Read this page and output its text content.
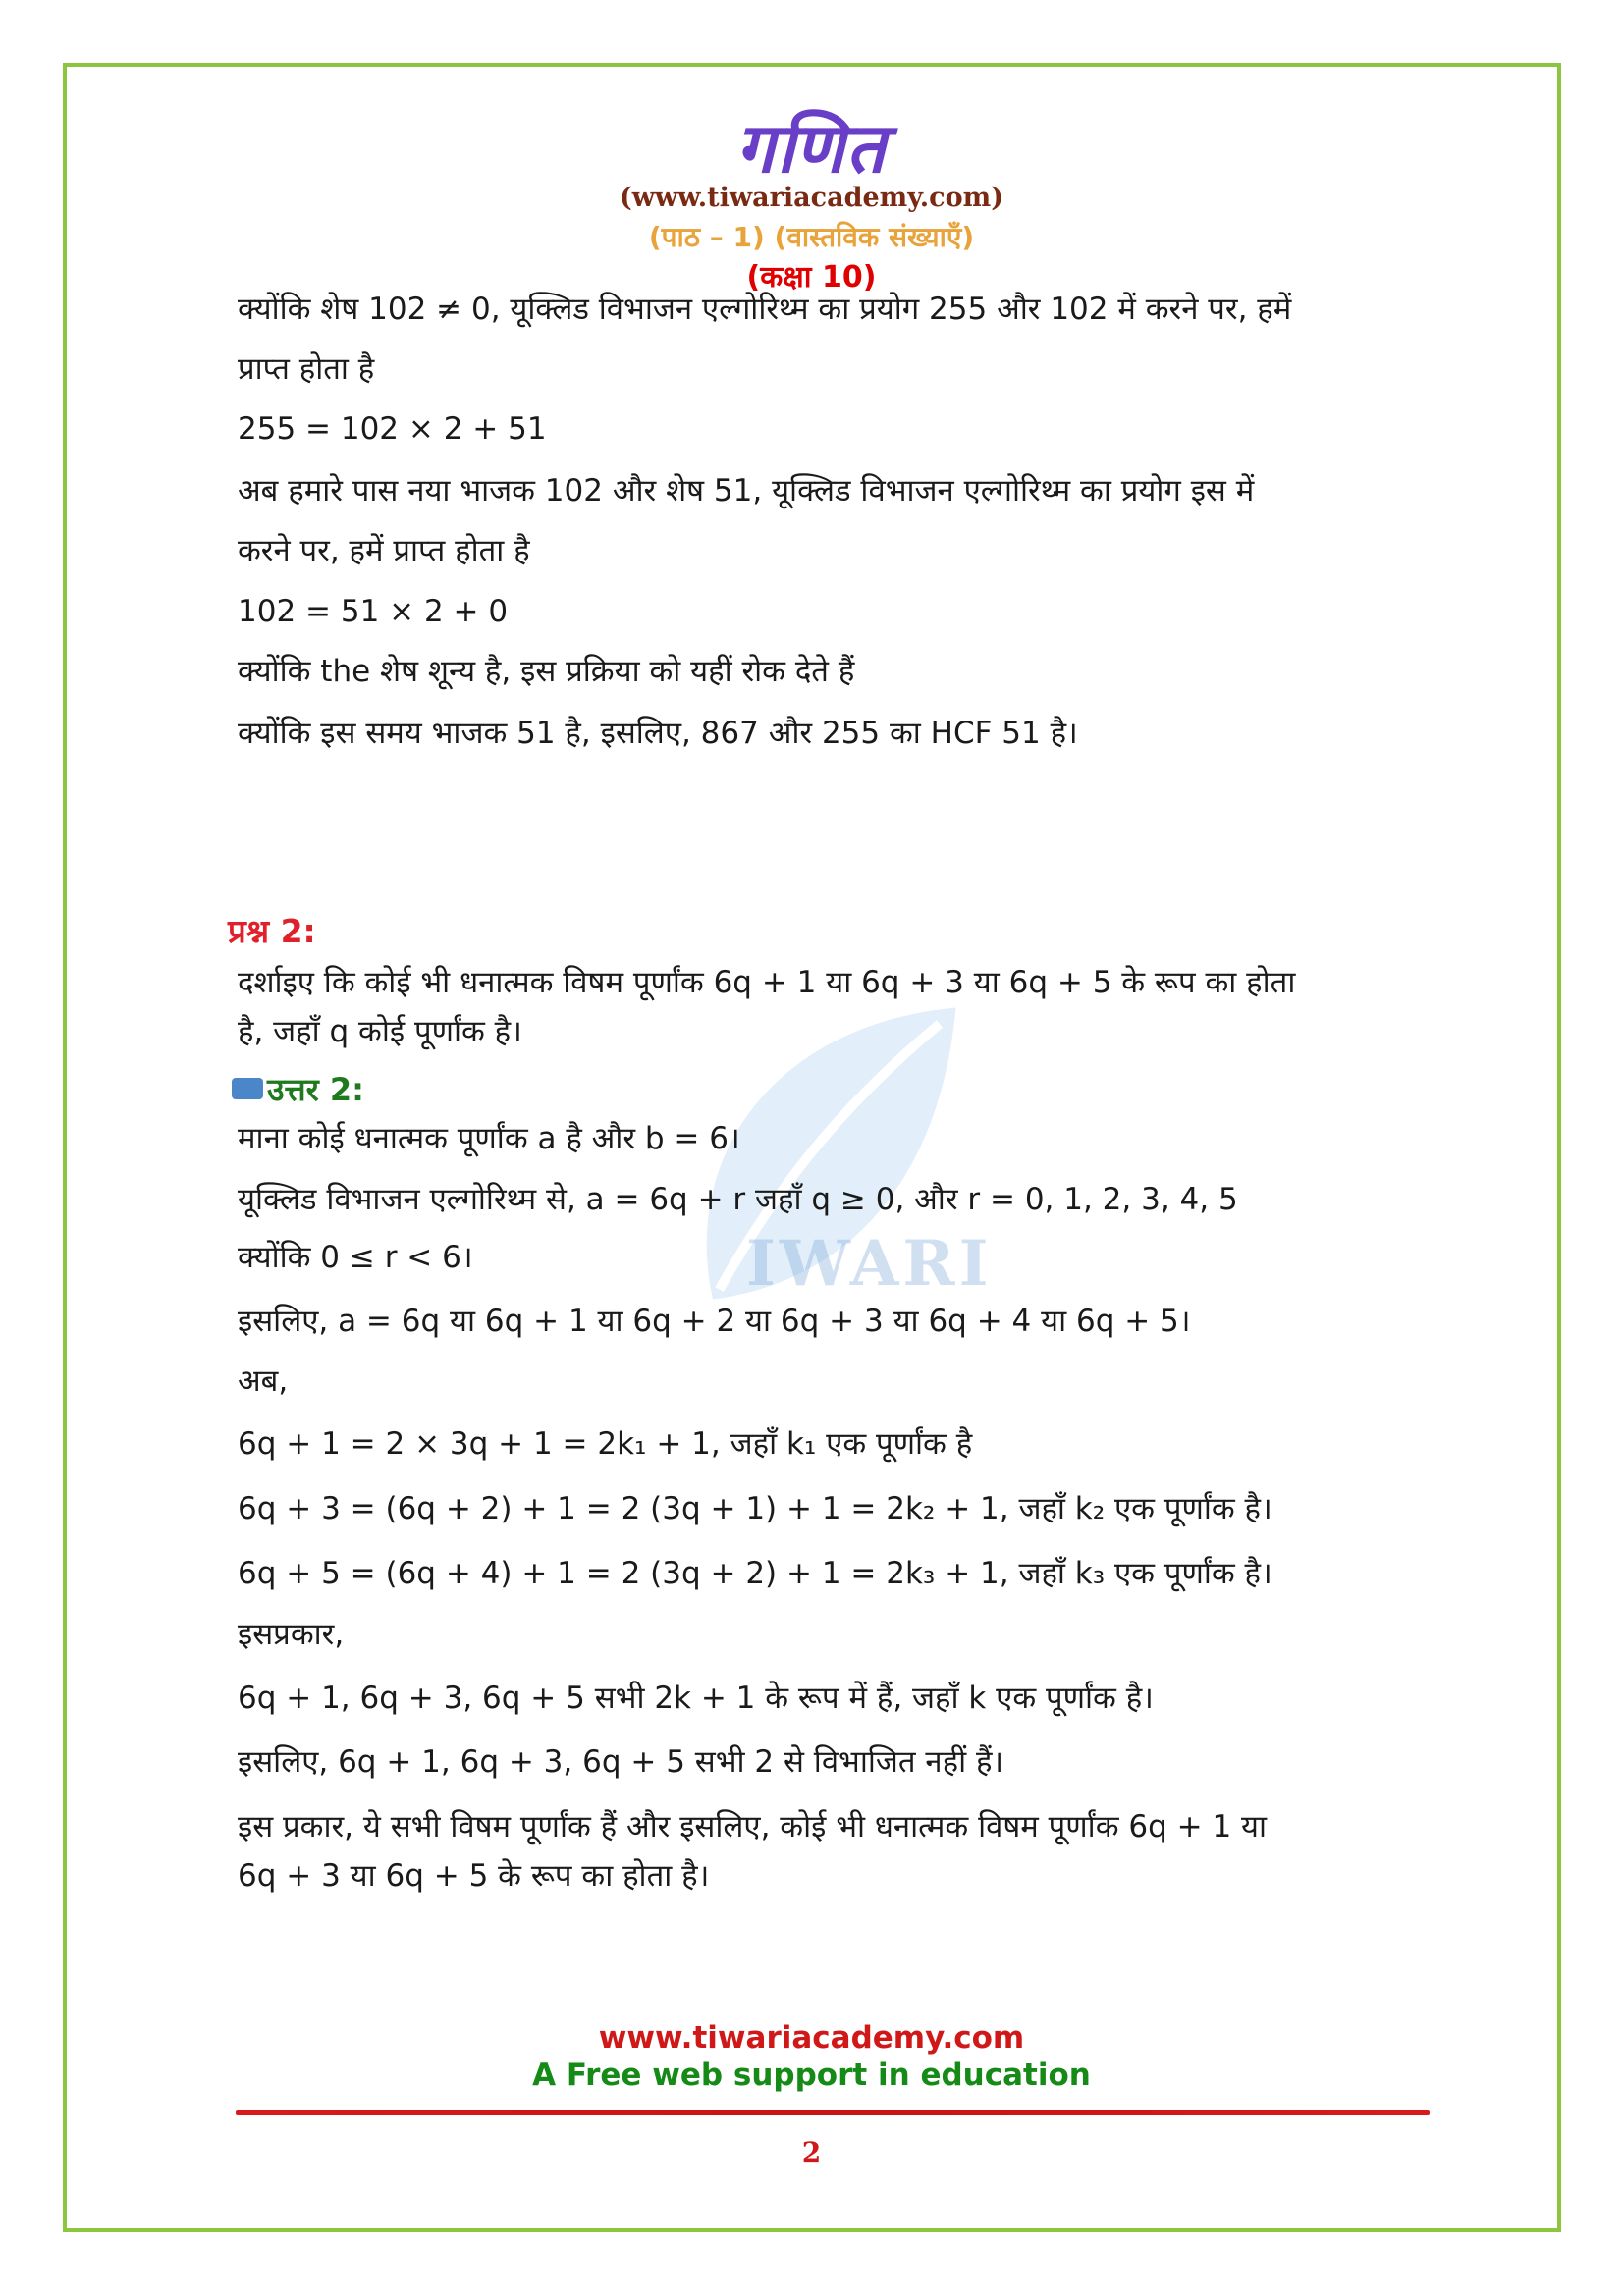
IWARI
गणित
(www.tiwariacademy.com)
(पाठ – 1) (वास्तविक संख्याएँ)
(कक्षा 10)
क्योंकि शेष 102 ≠ 0, यूक्लिड विभाजन एल्गोरिथ्म का प्रयोग 255 और 102 में करने पर, हमें
प्राप्त होता है
255 = 102 × 2 + 51
अब हमारे पास नया भाजक 102 और शेष 51, यूक्लिड विभाजन एल्गोरिथ्म का प्रयोग इस में
करने पर, हमें प्राप्त होता है
102 = 51 × 2 + 0
क्योंकि the शेष शून्य है, इस प्रक्रिया को यहीं रोक देते हैं
क्योंकि इस समय भाजक 51 है, इसलिए, 867 और 255 का HCF 51 है।
प्रश्न 2:
दर्शाइए कि कोई भी धनात्मक विषम पूर्णांक 6q + 1 या 6q + 3 या 6q + 5 के रूप का होता
है, जहाँ q कोई पूर्णांक है।
उत्तर 2:
माना कोई धनात्मक पूर्णांक a है और b = 6।
यूक्लिड विभाजन एल्गोरिथ्म से, a = 6q + r जहाँ q ≥ 0, और r = 0, 1, 2, 3, 4, 5
क्योंकि 0 ≤ r < 6।
इसलिए, a = 6q या 6q + 1 या 6q + 2 या 6q + 3 या 6q + 4 या 6q + 5।
अब,
6q + 1 = 2 × 3q + 1 = 2k₁ + 1, जहाँ k₁ एक पूर्णांक है
6q + 3 = (6q + 2) + 1 = 2 (3q + 1) + 1 = 2k₂ + 1, जहाँ k₂ एक पूर्णांक है।
6q + 5 = (6q + 4) + 1 = 2 (3q + 2) + 1 = 2k₃ + 1, जहाँ k₃ एक पूर्णांक है।
इसप्रकार,
6q + 1, 6q + 3, 6q + 5 सभी 2k + 1 के रूप में हैं, जहाँ k एक पूर्णांक है।
इसलिए, 6q + 1, 6q + 3, 6q + 5 सभी 2 से विभाजित नहीं हैं।
इस प्रकार, ये सभी विषम पूर्णांक हैं और इसलिए, कोई भी धनात्मक विषम पूर्णांक 6q + 1 या
6q + 3 या 6q + 5 के रूप का होता है।
www.tiwariacademy.com
A Free web support in education
2
